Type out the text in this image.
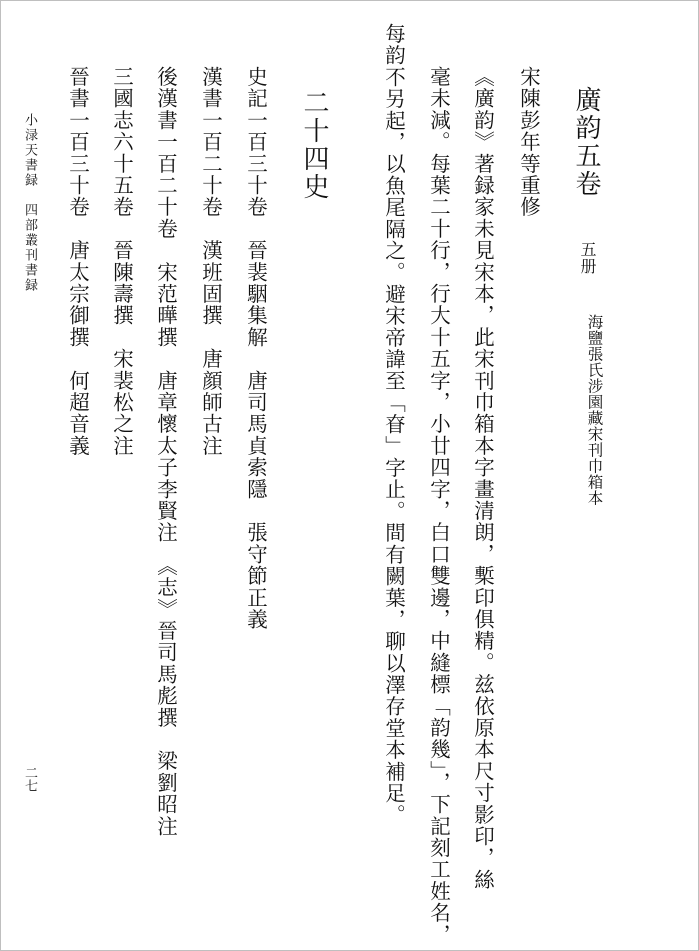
廣韵五卷
五册
海鹽張氏涉園藏宋刊巾箱本
宋陳彭年等重修
《廣韵》著録家未見宋本，此宋刊巾箱本字畫清朗，槧印俱精。兹依原本尺寸影印，絲
毫未減。每葉二十行，行大十五字，小廿四字，白口雙邊，中縫標「韵幾」，下記刻工姓名，
每韵不另起，以魚尾隔之。避宋帝諱至「眘」字止。間有闕葉，聊以澤存堂本補足。
二十四史
史記一百三十卷　晉裴駰集解　唐司馬貞索隱　張守節正義
漢書一百二十卷　漢班固撰　唐顔師古注
後漢書一百二十卷　宋范曄撰　唐章懷太子李賢注　《志》晉司馬彪撰　梁劉昭注
三國志六十五卷　晉陳壽撰　宋裴松之注
晉書一百三十卷　唐太宗御撰　何超音義
小渌天書録　四部叢刊書録
二七
